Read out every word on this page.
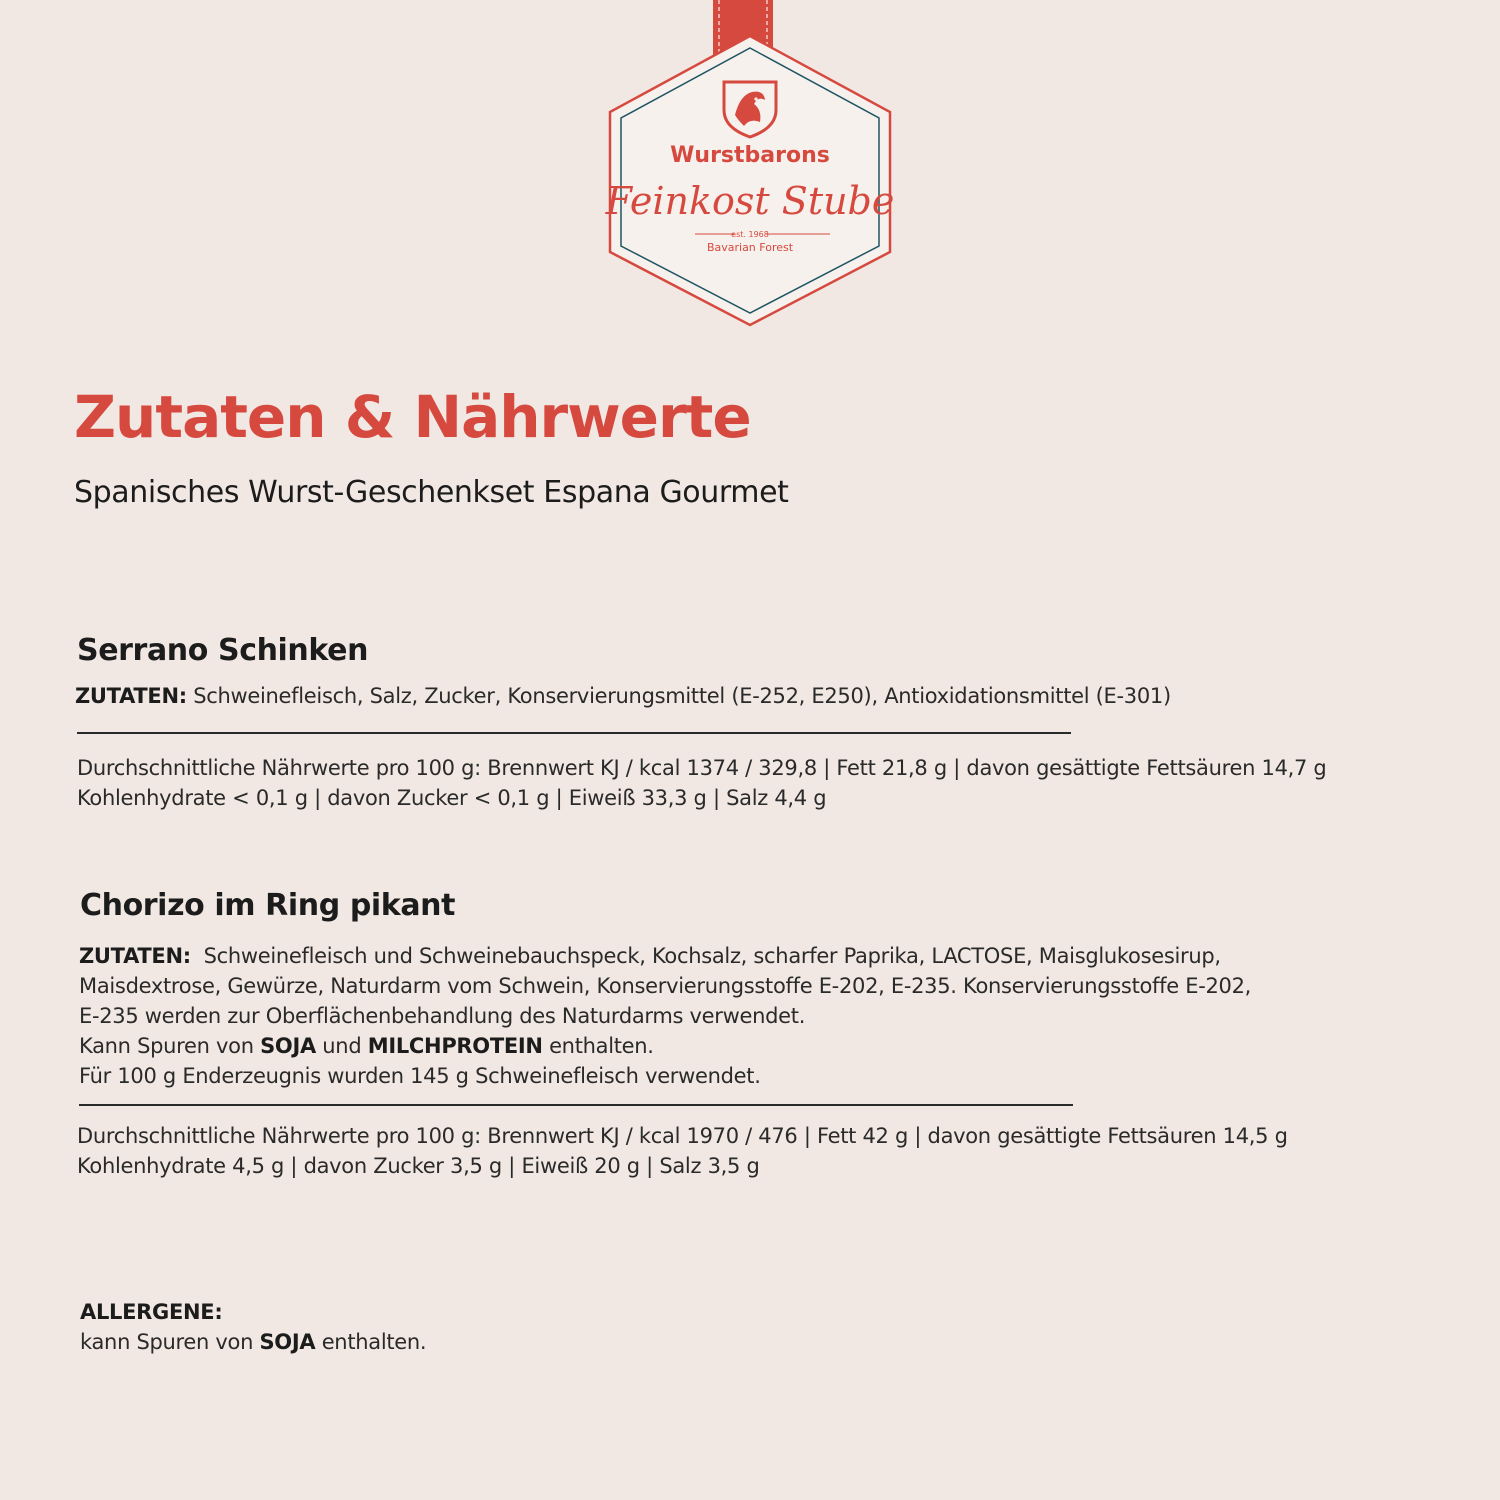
Wurstbarons
Feinkost Stube
est. 1968
Bavarian Forest
Zutaten & Nährwerte
Spanisches Wurst-Geschenkset Espana Gourmet
Serrano Schinken
ZUTATEN: Schweinefleisch, Salz, Zucker, Konservierungsmittel (E-252, E250), Antioxidationsmittel (E-301)
Durchschnittliche Nährwerte pro 100 g: Brennwert KJ / kcal 1374 / 329,8 | Fett 21,8 g | davon gesättigte Fettsäuren 14,7 g
Kohlenhydrate < 0,1 g | davon Zucker < 0,1 g | Eiweiß 33,3 g | Salz 4,4 g
Chorizo im Ring pikant
ZUTATEN:  Schweinefleisch und Schweinebauchspeck, Kochsalz, scharfer Paprika, LACTOSE, Maisglukosesirup,
Maisdextrose, Gewürze, Naturdarm vom Schwein, Konservierungsstoffe E-202, E-235. Konservierungsstoffe E-202,
E-235 werden zur Oberflächenbehandlung des Naturdarms verwendet.
Kann Spuren von SOJA und MILCHPROTEIN enthalten.
Für 100 g Enderzeugnis wurden 145 g Schweinefleisch verwendet.
Durchschnittliche Nährwerte pro 100 g: Brennwert KJ / kcal 1970 / 476 | Fett 42 g | davon gesättigte Fettsäuren 14,5 g
Kohlenhydrate 4,5 g | davon Zucker 3,5 g | Eiweiß 20 g | Salz 3,5 g
ALLERGENE:
kann Spuren von SOJA enthalten.
